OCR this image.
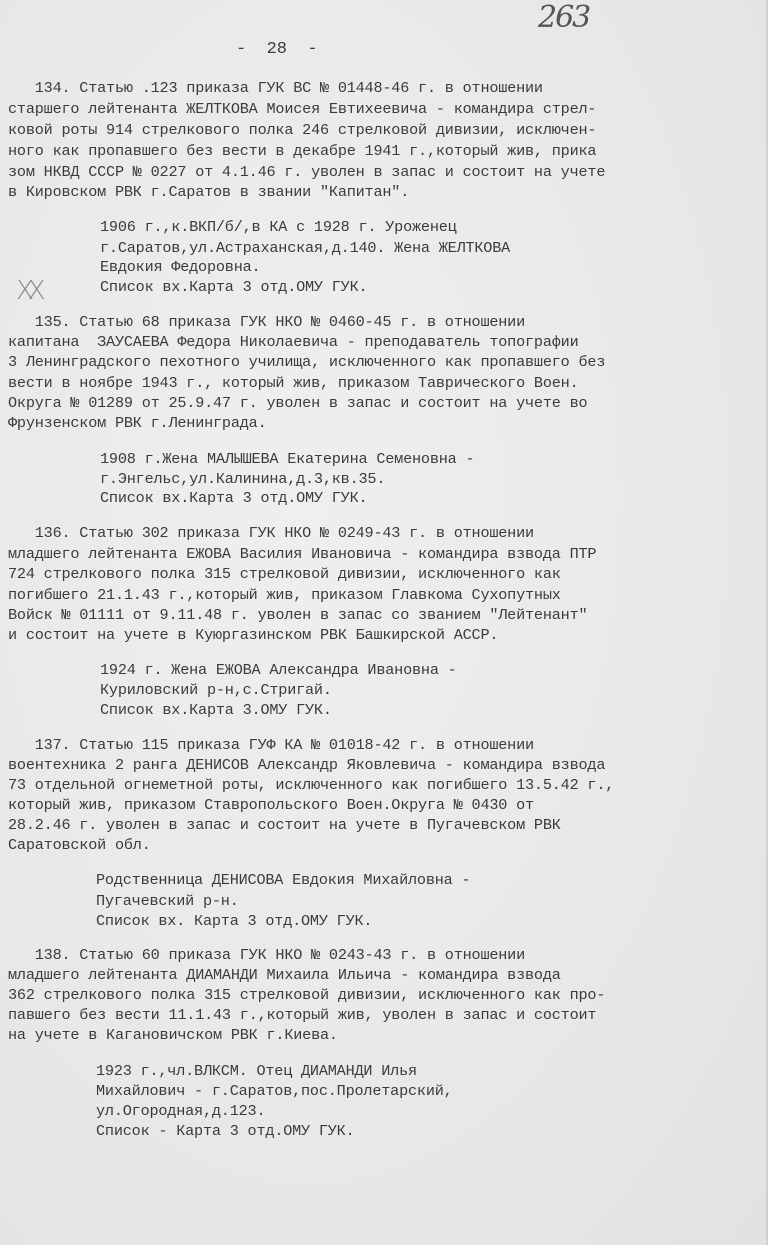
263
-  28  -
XX
134. Статью .123 приказа ГУК ВС № 01448-46 г. в отношении
старшего лейтенанта ЖЕЛТКОВА Моисея Евтихеевича - командира стрел-
ковой роты 914 стрелкового полка 246 стрелковой дивизии, исключен-
ного как пропавшего без вести в декабре 1941 г.,который жив, прика
зом НКВД СССР № 0227 от 4.1.46 г. уволен в запас и состоит на учете
в Кировском РВК г.Саратов в звании "Капитан".
1906 г.,к.ВКП/б/,в КА с 1928 г. Уроженец
г.Саратов,ул.Астраханская,д.140. Жена ЖЕЛТКОВА
Евдокия Федоровна.
Список вх.Карта 3 отд.ОМУ ГУК.
135. Статью 68 приказа ГУК НКО № 0460-45 г. в отношении
капитана  ЗАУСАЕВА Федора Николаевича - преподаватель топографии
3 Ленинградского пехотного училища, исключенного как пропавшего без
вести в ноябре 1943 г., который жив, приказом Таврического Воен.
Округа № 01289 от 25.9.47 г. уволен в запас и состоит на учете во
Фрунзенском РВК г.Ленинграда.
1908 г.Жена МАЛЫШЕВА Екатерина Семеновна -
г.Энгельс,ул.Калинина,д.3,кв.35.
Список вх.Карта 3 отд.ОМУ ГУК.
136. Статью 302 приказа ГУК НКО № 0249-43 г. в отношении
младшего лейтенанта ЕЖОВА Василия Ивановича - командира взвода ПТР
724 стрелкового полка 315 стрелковой дивизии, исключенного как
погибшего 21.1.43 г.,который жив, приказом Главкома Сухопутных
Войск № 01111 от 9.11.48 г. уволен в запас со званием "Лейтенант"
и состоит на учете в Куюргазинском РВК Башкирской АССР.
1924 г. Жена ЕЖОВА Александра Ивановна -
Куриловский р-н,с.Стригай.
Список вх.Карта 3.ОМУ ГУК.
137. Статью 115 приказа ГУФ КА № 01018-42 г. в отношении
воентехника 2 ранга ДЕНИСОВ Александр Яковлевича - командира взвода
73 отдельной огнеметной роты, исключенного как погибшего 13.5.42 г.,
который жив, приказом Ставропольского Воен.Округа № 0430 от
28.2.46 г. уволен в запас и состоит на учете в Пугачевском РВК
Саратовской обл.
Родственница ДЕНИСОВА Евдокия Михайловна -
Пугачевский р-н.
Список вх. Карта 3 отд.ОМУ ГУК.
138. Статью 60 приказа ГУК НКО № 0243-43 г. в отношении
младшего лейтенанта ДИАМАНДИ Михаила Ильича - командира взвода
362 стрелкового полка 315 стрелковой дивизии, исключенного как про-
павшего без вести 11.1.43 г.,который жив, уволен в запас и состоит
на учете в Кагановичском РВК г.Киева.
1923 г.,чл.ВЛКСМ. Отец ДИАМАНДИ Илья
Михайлович - г.Саратов,пос.Пролетарский,
ул.Огородная,д.123.
Список - Карта 3 отд.ОМУ ГУК.
